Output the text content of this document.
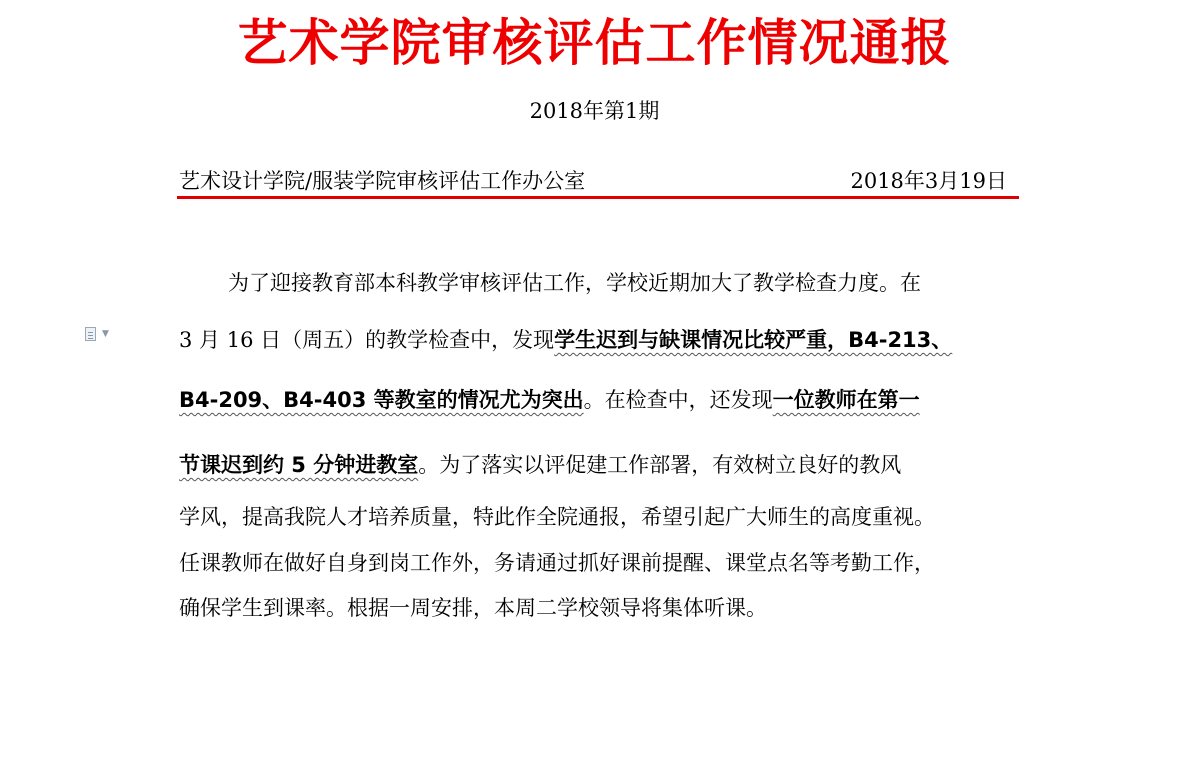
艺术学院审核评估工作情况通报
2018年第1期
艺术设计学院/服装学院审核评估工作办公室	2018年3月19日
▼
为了迎接教育部本科教学审核评估工作，学校近期加大了教学检查力度。在
3 月 16 日（周五）的教学检查中，发现学生迟到与缺课情况比较严重，B4-213、
B4-209、B4-403 等教室的情况尤为突出。在检查中，还发现一位教师在第一
节课迟到约 5 分钟进教室。为了落实以评促建工作部署，有效树立良好的教风
学风，提高我院人才培养质量，特此作全院通报，希望引起广大师生的高度重视。
任课教师在做好自身到岗工作外，务请通过抓好课前提醒、课堂点名等考勤工作，
确保学生到课率。根据一周安排，本周二学校领导将集体听课。
